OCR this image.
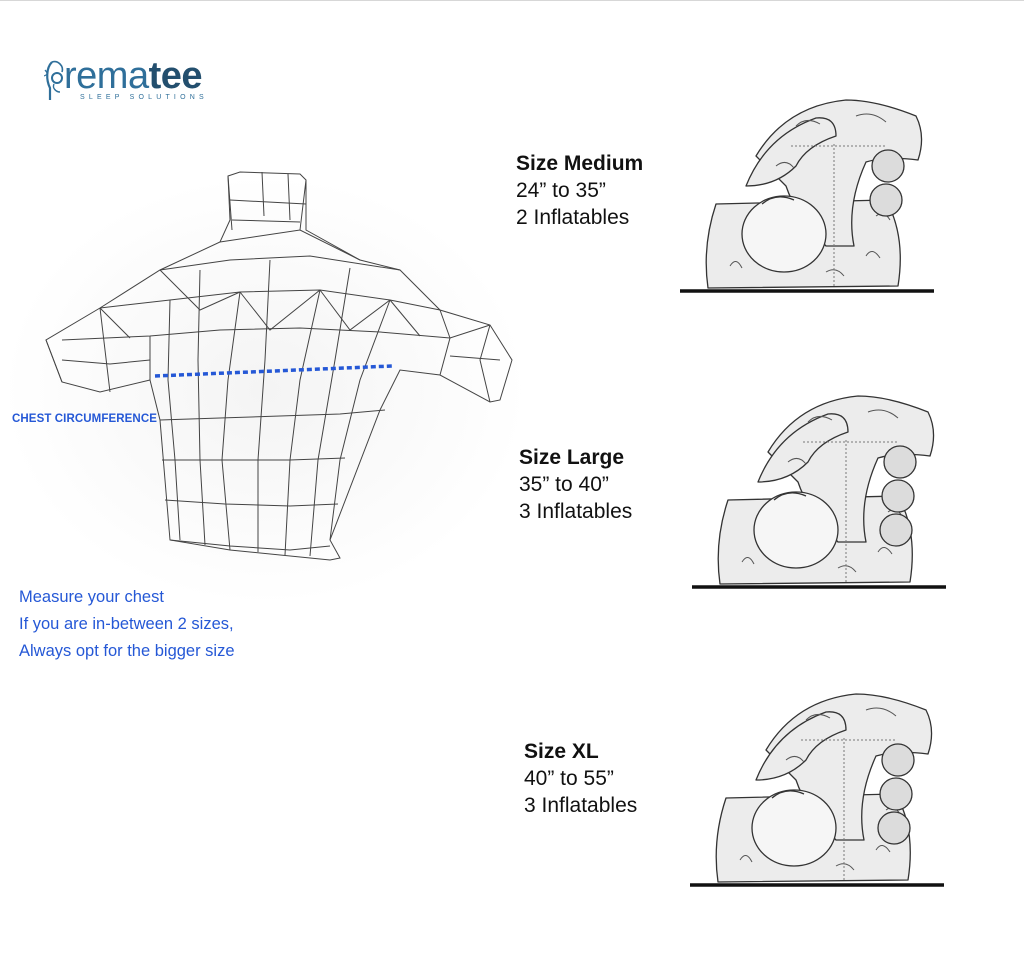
rematee
SLEEP SOLUTIONS
CHEST CIRCUMFERENCE
Measure your chest
If you are in-between 2 sizes,
Always opt for the bigger size
Size Medium
24” to 35”
2 Inflatables
Size Large
35” to 40”
3 Inflatables
Size XL
40” to 55”
3 Inflatables
